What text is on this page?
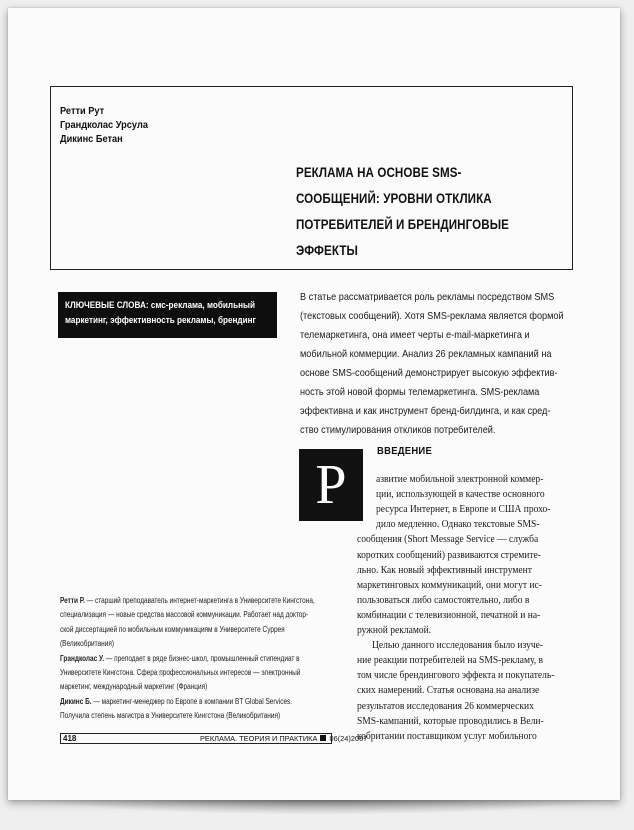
Ретти Рут
Грандколас Урсула
Дикинс Бетан
РЕКЛАМА НА ОСНОВЕ SMS-
СООБЩЕНИЙ: УРОВНИ ОТКЛИКА
ПОТРЕБИТЕЛЕЙ И БРЕНДИНГОВЫЕ
ЭФФЕКТЫ
КЛЮЧЕВЫЕ СЛОВА: смс-реклама, мобильный
маркетинг, эффективность рекламы, брендинг
В статье рассматривается роль рекламы посредством SMS
(текстовых сообщений). Хотя SMS-реклама является формой
телемаркетинга, она имеет черты e-mail-маркетинга и
мобильной коммерции. Анализ 26 рекламных кампаний на
основе SMS-сообщений демонстрирует высокую эффектив-
ность этой новой формы телемаркетинга. SMS-реклама
эффективна и как инструмент бренд-билдинга, и как сред-
ство стимулирования откликов потребителей.
Р
ВВЕДЕНИЕ
азвитие мобильной электронной коммер-
ции, использующей в качестве основного
ресурса Интернет, в Европе и США прохо-
дило медленно. Однако текстовые SMS-
сообщения (Short Message Service — служба
коротких сообщений) развиваются стремите-
льно. Как новый эффективный инструмент
маркетинговых коммуникаций, они могут ис-
пользоваться либо самостоятельно, либо в
комбинации с телевизионной, печатной и на-
ружной рекламой.
Целью данного исследования было изуче-
ние реакции потребителей на SMS-рекламу, в
том числе брендингового эффекта и покупатель-
ских намерений. Статья основана на анализе
результатов исследования 26 коммерческих
SMS-кампаний, которые проводились в Вели-
кобритании поставщиком услуг мобильного
Ретти Р. — старший преподаватель интернет-маркетинга в Университете Кингстона,
специализация — новые средства массовой коммуникации. Работает над доктор-
ской диссертацией по мобильным коммуникациям в Университете Суррея
(Великобритания)
Грандколас У. — преподает в ряде бизнес-школ, промышленный стипендиат в
Университете Кингстона. Сфера профессиональных интересов — электронный
маркетинг, международный маркетинг (Франция)
Дикинс Б. — маркетинг-менеджер по Европе в компании BT Global Services.
Получила степень магистра в Университете Кингстона (Великобритания)
418	РЕКЛАМА. ТЕОРИЯ И ПРАКТИКА 06(24)2007
